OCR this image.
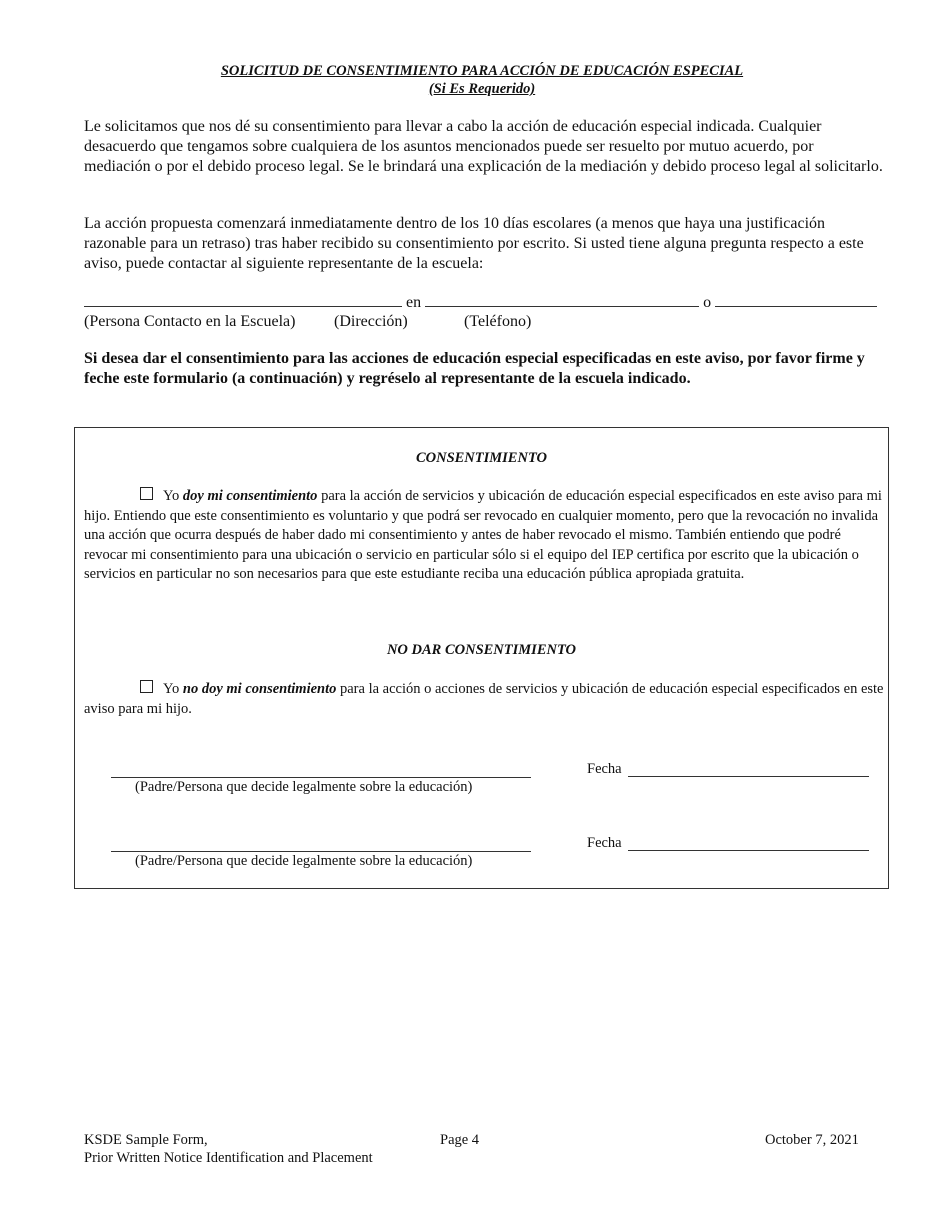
SOLICITUD DE CONSENTIMIENTO PARA ACCIÓN DE EDUCACIÓN ESPECIAL
(Si Es Requerido)

Le solicitamos que nos dé su consentimiento para llevar a cabo la acción de educación especial indicada. Cualquier desacuerdo que tengamos sobre cualquiera de los asuntos mencionados puede ser resuelto por mutuo acuerdo, por mediación o por el debido proceso legal. Se le brindará una explicación de la mediación y debido proceso legal al solicitarlo.

La acción propuesta comenzará inmediatamente dentro de los 10 días escolares (a menos que haya una justificación razonable para un retraso) tras haber recibido su consentimiento por escrito. Si usted tiene alguna pregunta respecto a este aviso, puede contactar al siguiente representante de la escuela:

en	o
(Persona Contacto en la Escuela) (Dirección)	(Teléfono)

Si desea dar el consentimiento para las acciones de educación especial especificadas en este aviso, por favor firme y feche este formulario (a continuación) y regréselo al representante de la escuela indicado.

CONSENTIMIENTO

Yo doy mi consentimiento para la acción de servicios y ubicación de educación especial especificados en este aviso para mi hijo. Entiendo que este consentimiento es voluntario y que podrá ser revocado en cualquier momento, pero que la revocación no invalida una acción que ocurra después de haber dado mi consentimiento y antes de haber revocado el mismo. También entiendo que podré revocar mi consentimiento para una ubicación o servicio en particular sólo si el equipo del IEP certifica por escrito que la ubicación o servicios en particular no son necesarios para que este estudiante reciba una educación pública apropiada gratuita.

NO DAR CONSENTIMIENTO

Yo no doy mi consentimiento para la acción o acciones de servicios y ubicación de educación especial especificados en este aviso para mi hijo.

(Padre/Persona que decide legalmente sobre la educación)
Fecha
(Padre/Persona que decide legalmente sobre la educación)
Fecha
KSDE Sample Form,
Prior Written Notice Identification and Placement
Page 4	October 7, 2021
